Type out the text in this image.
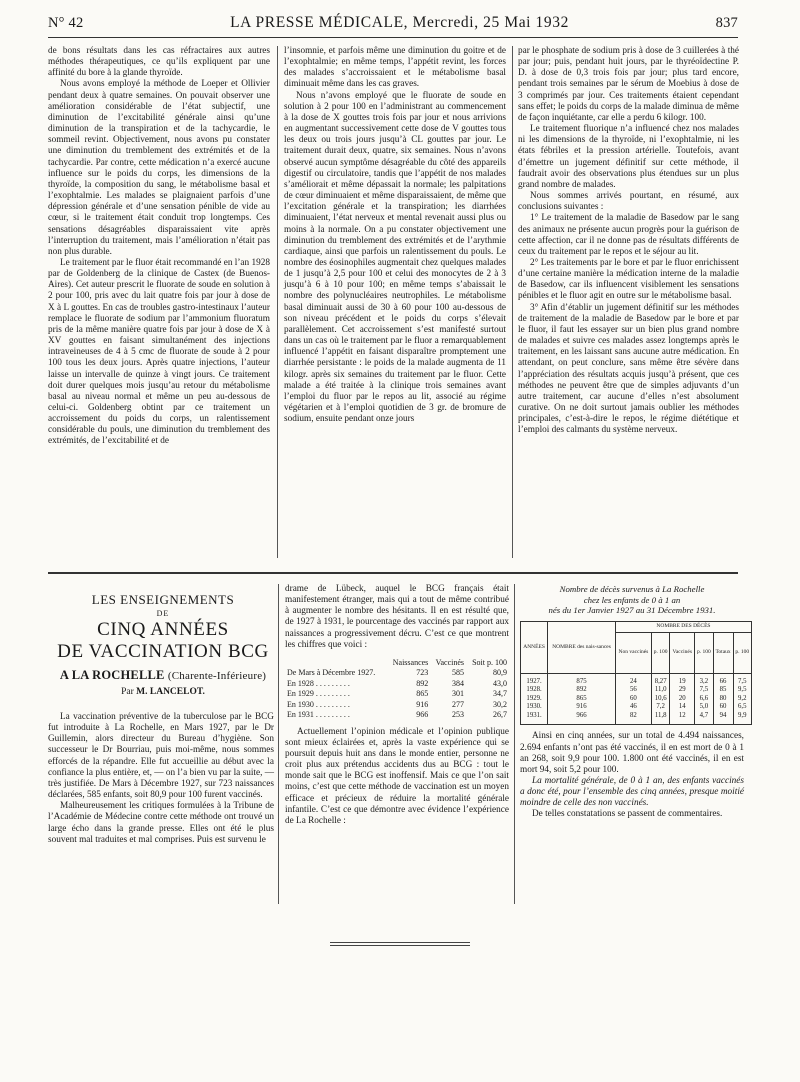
N° 42	LA PRESSE MÉDICALE, Mercredi, 25 Mai 1932	837

de bons résultats dans les cas réfractaires aux autres méthodes thérapeutiques, ce qu’ils expliquent par une affinité du bore à la glande thyroïde.

Nous avons employé la méthode de Loeper et Ollivier pendant deux à quatre semaines. On pouvait observer une amélioration considérable de l’état subjectif, une diminution de l’excitabilité générale ainsi qu’une diminution de la transpiration et de la tachycardie, le sommeil revint. Objectivement, nous avons pu constater une diminution du tremblement des extrémités et de la tachycardie. Par contre, cette médication n’a exercé aucune influence sur le poids du corps, les dimensions de la thyroïde, la composition du sang, le métabolisme basal et l’exophtalmie. Les malades se plaignaient parfois d’une dépression générale et d’une sensation pénible de vide au cœur, si le traitement était conduit trop longtemps. Ces sensations désagréables disparaissaient vite après l’interruption du traitement, mais l’amélioration n’était pas non plus durable.

Le traitement par le fluor était recommandé en l’an 1928 par de Goldenberg de la clinique de Castex (de Buenos-Aires). Cet auteur prescrit le fluorate de soude en solution à 2 pour 100, pris avec du lait quatre fois par jour à dose de X à L gouttes. En cas de troubles gastro-intestinaux l’auteur remplace le fluorate de sodium par l’ammonium fluoratum pris de la même manière quatre fois par jour à dose de X à XV gouttes en faisant simultanément des injections intraveineuses de 4 à 5 cmc de fluorate de soude à 2 pour 100 tous les deux jours. Après quatre injections, l’auteur laisse un intervalle de quinze à vingt jours. Ce traitement doit durer quelques mois jusqu’au retour du métabolisme basal au niveau normal et même un peu au-dessous de celui-ci. Goldenberg obtint par ce traitement un accroissement du poids du corps, un ralentissement considérable du pouls, une diminution du tremblement des extrémités, de l’excitabilité et de

l’insomnie, et parfois même une diminution du goitre et de l’exophtalmie; en même temps, l’appétit revint, les forces des malades s’accroissaient et le métabolisme basal diminuait même dans les cas graves.

Nous n’avons employé que le fluorate de soude en solution à 2 pour 100 en l’administrant au commencement à la dose de X gouttes trois fois par jour et nous arrivions en augmentant successivement cette dose de V gouttes tous les deux ou trois jours jusqu’à CL gouttes par jour. Le traitement durait deux, quatre, six semaines. Nous n’avons observé aucun symptôme désagréable du côté des appareils digestif ou circulatoire, tandis que l’appétit de nos malades s’améliorait et même dépassait la normale; les palpitations de cœur diminuaient et même disparaissaient, de même que l’excitation générale et la transpiration; les diarrhées diminuaient, l’état nerveux et mental revenait aussi plus ou moins à la normale. On a pu constater objectivement une diminution du tremblement des extrémités et de l’arythmie cardiaque, ainsi que parfois un ralentissement du pouls. Le nombre des éosinophiles augmentait chez quelques malades de 1 jusqu’à 2,5 pour 100 et celui des monocytes de 2 à 3 jusqu’à 6 à 10 pour 100; en même temps s’abaissait le nombre des polynucléaires neutrophiles. Le métabolisme basal diminuait aussi de 30 à 60 pour 100 au-dessous de son niveau précédent et le poids du corps s’élevait parallèlement. Cet accroissement s’est manifesté surtout dans un cas où le traitement par le fluor a remarquablement influencé l’appétit en faisant disparaître promptement une diarrhée persistante : le poids de la malade augmenta de 11 kilogr. après six semaines du traitement par le fluor. Cette malade a été traitée à la clinique trois semaines avant l’emploi du fluor par le repos au lit, associé au régime végétarien et à l’emploi quotidien de 3 gr. de bromure de sodium, ensuite pendant onze jours

par le phosphate de sodium pris à dose de 3 cuillerées à thé par jour; puis, pendant huit jours, par le thyréoïdectine P. D. à dose de 0,3 trois fois par jour; plus tard encore, pendant trois semaines par le sérum de Moebius à dose de 3 comprimés par jour. Ces traitements étaient cependant sans effet; le poids du corps de la malade diminua de même de façon inquiétante, car elle a perdu 6 kilogr. 100.

Le traitement fluorique n’a influencé chez nos malades ni les dimensions de la thyroïde, ni l’exophtalmie, ni les états fébriles et la pression artérielle. Toutefois, avant d’émettre un jugement définitif sur cette méthode, il faudrait avoir des observations plus étendues sur un plus grand nombre de malades.

Nous sommes arrivés pourtant, en résumé, aux conclusions suivantes :

1° Le traitement de la maladie de Basedow par le sang des animaux ne présente aucun progrès pour la guérison de cette affection, car il ne donne pas de résultats différents de ceux du traitement par le repos et le séjour au lit.

2° Les traitements par le bore et par le fluor enrichissent d’une certaine manière la médication interne de la maladie de Basedow, car ils influencent visiblement les sensations pénibles et le fluor agit en outre sur le métabolisme basal.

3° Afin d’établir un jugement définitif sur les méthodes de traitement de la maladie de Basedow par le bore et par le fluor, il faut les essayer sur un bien plus grand nombre de malades et suivre ces malades assez longtemps après le traitement, en les laissant sans aucune autre médication. En attendant, on peut conclure, sans même être sévère dans l’appréciation des résultats acquis jusqu’à présent, que ces méthodes ne peuvent être que de simples adjuvants d’un autre traitement, car aucune d’elles n’est absolument curative. On ne doit surtout jamais oublier les méthodes principales, c’est-à-dire le repos, le régime diététique et l’emploi des calmants du système nerveux.

LES ENSEIGNEMENTS
DE
CINQ ANNÉES
DE VACCINATION BCG
A LA ROCHELLE (Charente-Inférieure)
Par M. LANCELOT.

La vaccination préventive de la tuberculose par le BCG fut introduite à La Rochelle, en Mars 1927, par le Dr Guillemin, alors directeur du Bureau d’hygiène. Son successeur le Dr Bourriau, puis moi-même, nous sommes efforcés de la répandre. Elle fut accueillie au début avec la confiance la plus entière, et, — on l’a bien vu par la suite, — très justifiée. De Mars à Décembre 1927, sur 723 naissances déclarées, 585 enfants, soit 80,9 pour 100 furent vaccinés.

Malheureusement les critiques formulées à la Tribune de l’Académie de Médecine contre cette méthode ont trouvé un large écho dans la grande presse. Elles ont été le plus souvent mal traduites et mal comprises. Puis est survenu le

drame de Lübeck, auquel le BCG français était manifestement étranger, mais qui a tout de même contribué à augmenter le nombre des hésitants. Il en est résulté que, de 1927 à 1931, le pourcentage des vaccinés par rapport aux naissances a progressivement décru. C’est ce que montrent les chiffres que voici :

	Naissances	Vaccinés	Soit p. 100
De Mars à Décembre 1927.	723	585	80,9
En 1928 . . . . . . . . .	892	384	43,0
En 1929 . . . . . . . . .	865	301	34,7
En 1930 . . . . . . . . .	916	277	30,2
En 1931 . . . . . . . . .	966	253	26,7

Actuellement l’opinion médicale et l’opinion publique sont mieux éclairées et, après la vaste expérience qui se poursuit depuis huit ans dans le monde entier, personne ne croit plus aux prétendus accidents dus au BCG : tout le monde sait que le BCG est inoffensif. Mais ce que l’on sait moins, c’est que cette méthode de vaccination est un moyen efficace et précieux de réduire la mortalité générale infantile. C’est ce que démontre avec évidence l’expérience de La Rochelle :

Nombre de décès survenus à La Rochelle
chez les enfants de 0 à 1 an
nés du 1er Janvier 1927 au 31 Décembre 1931.
ANNÉES	NOMBRE des nais-sances	NOMBRE DES DÉCÈS					
		Non vaccinés	p. 100	Vaccinés	p. 100	Totaux	p. 100
1927.	875	24	8,27	19	3,2	66	7,5
1928.	892	56	11,0	29	7,5	85	9,5
1929.	865	60	10,6	20	6,6	80	9,2
1930.	916	46	7,2	14	5,0	60	6,5
1931.	966	82	11,8	12	4,7	94	9,9

Ainsi en cinq années, sur un total de 4.494 naissances, 2.694 enfants n’ont pas été vaccinés, il en est mort de 0 à 1 an 268, soit 9,9 pour 100. 1.800 ont été vaccinés, il en est mort 94, soit 5,2 pour 100.

La mortalité générale, de 0 à 1 an, des enfants vaccinés a donc été, pour l’ensemble des cinq années, presque moitié moindre de celle des non vaccinés.

De telles constatations se passent de commentaires.
